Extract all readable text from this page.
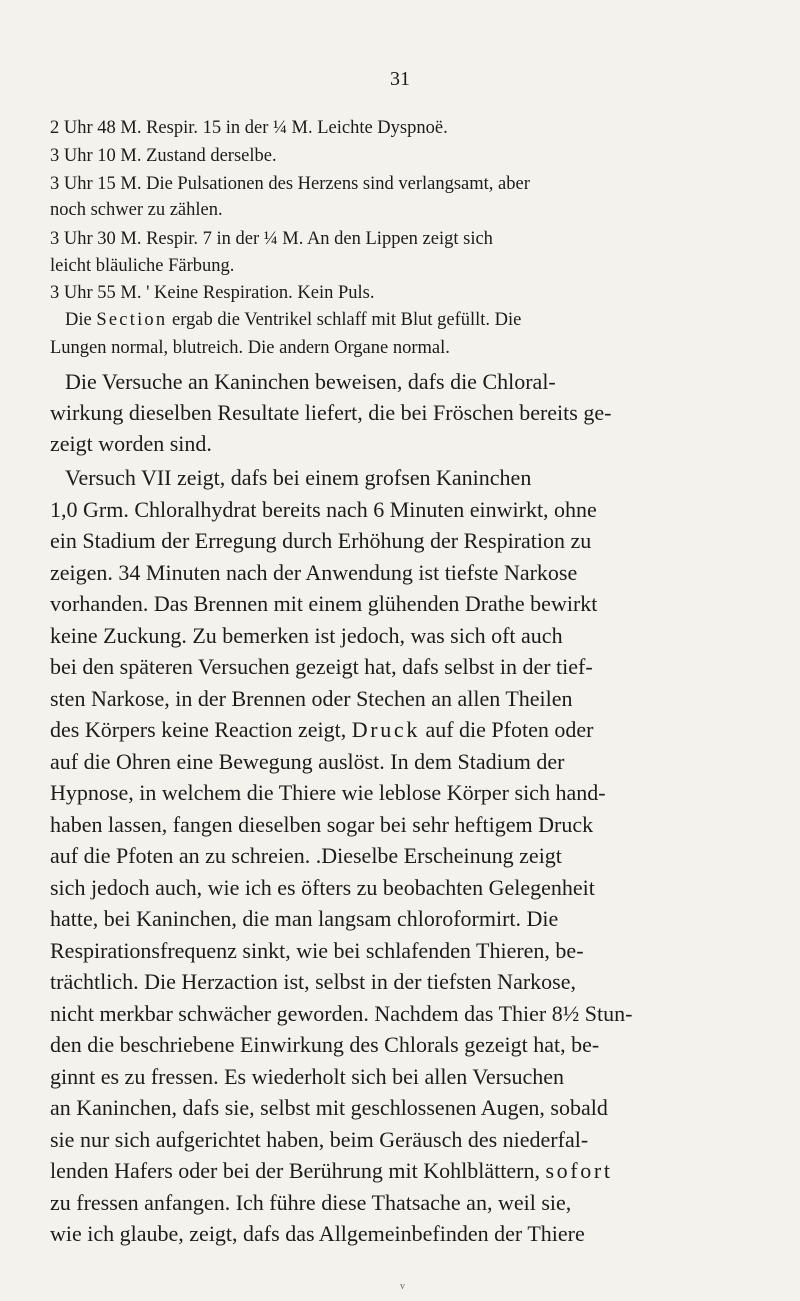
31
2 Uhr 48 M. Respir. 15 in der ¼ M. Leichte Dyspnoë.
3 Uhr 10 M. Zustand derselbe.
3 Uhr 15 M. Die Pulsationen des Herzens sind verlangsamt, aber
noch schwer zu zählen.
3 Uhr 30 M. Respir. 7 in der ¼ M. An den Lippen zeigt sich
leicht bläuliche Färbung.
3 Uhr 55 M. ' Keine Respiration. Kein Puls.
Die Section ergab die Ventrikel schlaff mit Blut gefüllt. Die
Lungen normal, blutreich. Die andern Organe normal.
Die Versuche an Kaninchen beweisen, dafs die Chloral-
wirkung dieselben Resultate liefert, die bei Fröschen bereits ge-
zeigt worden sind.
Versuch VII zeigt, dafs bei einem grofsen Kaninchen
1,0 Grm. Chloralhydrat bereits nach 6 Minuten einwirkt, ohne
ein Stadium der Erregung durch Erhöhung der Respiration zu
zeigen. 34 Minuten nach der Anwendung ist tiefste Narkose
vorhanden. Das Brennen mit einem glühenden Drathe bewirkt
keine Zuckung. Zu bemerken ist jedoch, was sich oft auch
bei den späteren Versuchen gezeigt hat, dafs selbst in der tief-
sten Narkose, in der Brennen oder Stechen an allen Theilen
des Körpers keine Reaction zeigt, Druck auf die Pfoten oder
auf die Ohren eine Bewegung auslöst. In dem Stadium der
Hypnose, in welchem die Thiere wie leblose Körper sich hand-
haben lassen, fangen dieselben sogar bei sehr heftigem Druck
auf die Pfoten an zu schreien. .Dieselbe Erscheinung zeigt
sich jedoch auch, wie ich es öfters zu beobachten Gelegenheit
hatte, bei Kaninchen, die man langsam chloroformirt. Die
Respirationsfrequenz sinkt, wie bei schlafenden Thieren, be-
trächtlich. Die Herzaction ist, selbst in der tiefsten Narkose,
nicht merkbar schwächer geworden. Nachdem das Thier 8½ Stun-
den die beschriebene Einwirkung des Chlorals gezeigt hat, be-
ginnt es zu fressen. Es wiederholt sich bei allen Versuchen
an Kaninchen, dafs sie, selbst mit geschlossenen Augen, sobald
sie nur sich aufgerichtet haben, beim Geräusch des niederfal-
lenden Hafers oder bei der Berührung mit Kohlblättern, sofort
zu fressen anfangen. Ich führe diese Thatsache an, weil sie,
wie ich glaube, zeigt, dafs das Allgemeinbefinden der Thiere
v
